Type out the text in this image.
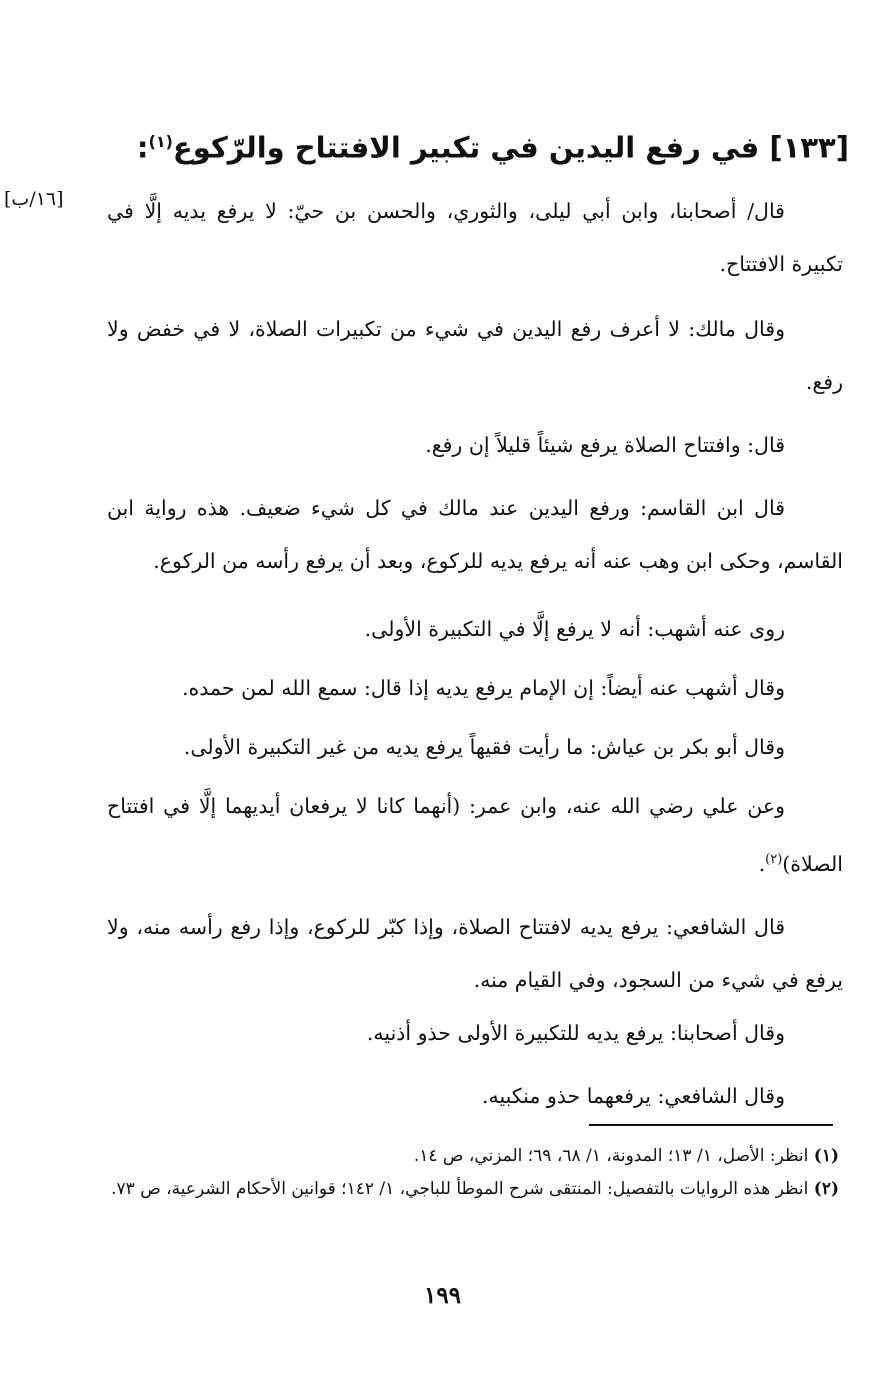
[١٣٣] في رفع اليدين في تكبير الافتتاح والرّكوع$^{(١)}$:
[١٦/ب] قال/ أصحابنا، وابن أبي ليلى، والثوري، والحسن بن حيّ: لا يرفع يديه إلَّا في تكبيرة الافتتاح.

وقال مالك: لا أعرف رفع اليدين في شيء من تكبيرات الصلاة، لا في خفض ولا رفع.

قال: وافتتاح الصلاة يرفع شيئاً قليلاً إن رفع.

قال ابن القاسم: ورفع اليدين عند مالك في كل شيء ضعيف. هذه رواية ابن القاسم، وحكى ابن وهب عنه أنه يرفع يديه للركوع، وبعد أن يرفع رأسه من الركوع.

روى عنه أشهب: أنه لا يرفع إلَّا في التكبيرة الأولى.

وقال أشهب عنه أيضاً: إن الإمام يرفع يديه إذا قال: سمع الله لمن حمده.

وقال أبو بكر بن عياش: ما رأيت فقيهاً يرفع يديه من غير التكبيرة الأولى.

وعن علي رضي الله عنه، وابن عمر: (أنهما كانا لا يرفعان أيديهما إلَّا في افتتاح الصلاة)$^{(٢)}$.

قال الشافعي: يرفع يديه لافتتاح الصلاة، وإذا كبّر للركوع، وإذا رفع رأسه منه، ولا يرفع في شيء من السجود، وفي القيام منه.

وقال أصحابنا: يرفع يديه للتكبيرة الأولى حذو أذنيه.

وقال الشافعي: يرفعهما حذو منكبيه.

(١) انظر: الأصل، ١/ ١٣؛ المدونة، ١/ ٦٨، ٦٩؛ المزني، ص ١٤.

(٢) انظر هذه الروايات بالتفصيل: المنتقى شرح الموطأ للباجي، ١/ ١٤٢؛ قوانين الأحكام الشرعية، ص ٧٣.

١٩٩
